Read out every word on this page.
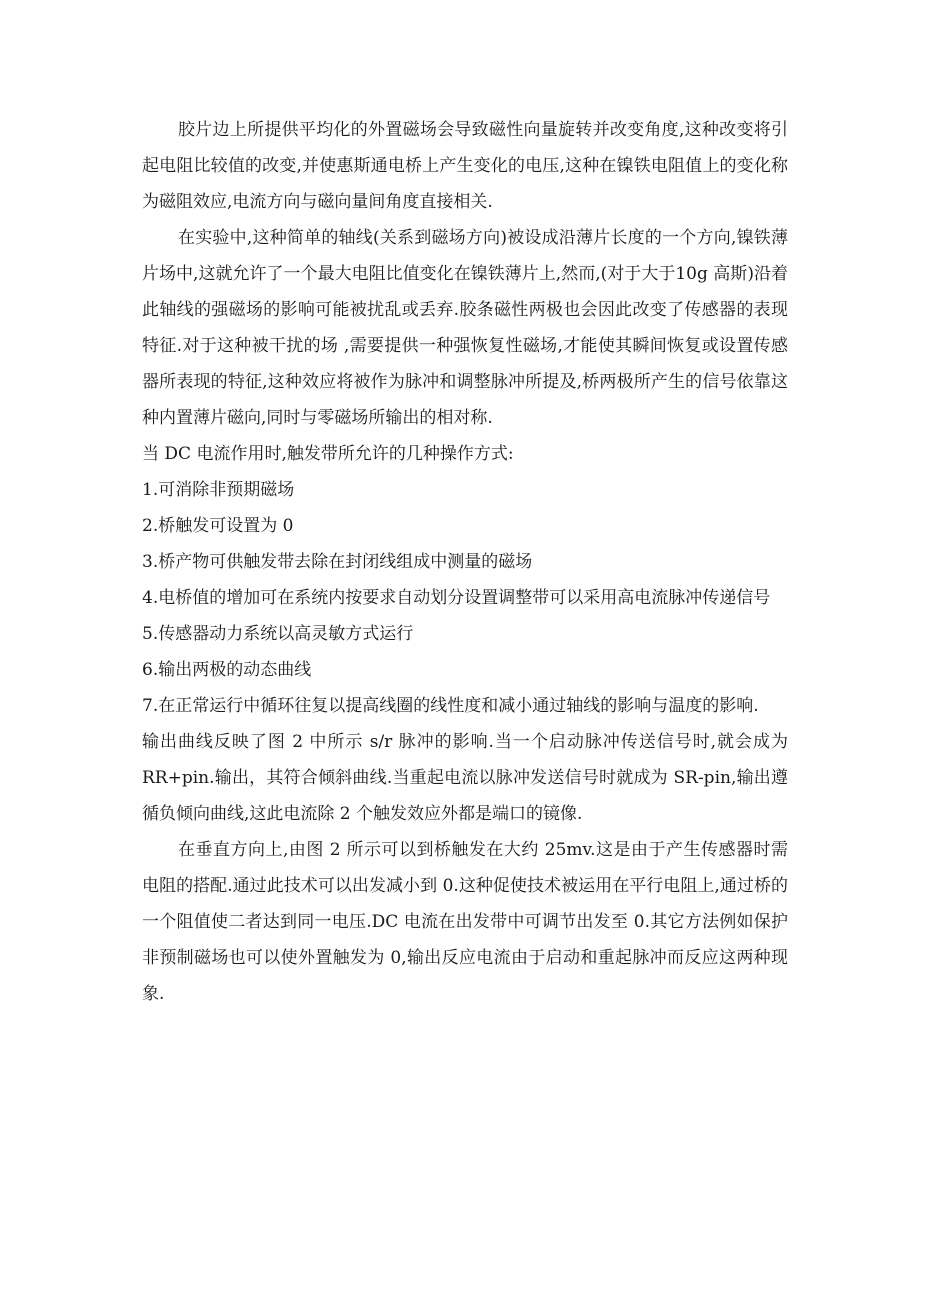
胶片边上所提供平均化的外置磁场会导致磁性向量旋转并改变角度,这种改变将引起电阻比较值的改变,并使惠斯通电桥上产生变化的电压,这种在镍铁电阻值上的变化称为磁阻效应,电流方向与磁向量间角度直接相关.

在实验中,这种简单的轴线(关系到磁场方向)被设成沿薄片长度的一个方向,镍铁薄片场中,这就允许了一个最大电阻比值变化在镍铁薄片上,然而,(对于大于10g 高斯)沿着此轴线的强磁场的影响可能被扰乱或丢弃.胶条磁性两极也会因此改变了传感器的表现特征.对于这种被干扰的场 ,需要提供一种强恢复性磁场,才能使其瞬间恢复或设置传感器所表现的特征,这种效应将被作为脉冲和调整脉冲所提及,桥两极所产生的信号依靠这种内置薄片磁向,同时与零磁场所输出的相对称.

当 DC 电流作用时,触发带所允许的几种操作方式:

1.可消除非预期磁场

2.桥触发可设置为 0

3.桥产物可供触发带去除在封闭线组成中测量的磁场

4.电桥值的增加可在系统内按要求自动划分设置调整带可以采用高电流脉冲传递信号

5.传感器动力系统以高灵敏方式运行

6.输出两极的动态曲线

7.在正常运行中循环往复以提高线圈的线性度和减小通过轴线的影响与温度的影响.

输出曲线反映了图 2 中所示 s/r 脉冲的影响.当一个启动脉冲传送信号时,就会成为 RR+pin.输出，其符合倾斜曲线.当重起电流以脉冲发送信号时就成为 SR-pin,输出遵循负倾向曲线,这此电流除 2 个触发效应外都是端口的镜像.

在垂直方向上,由图 2 所示可以到桥触发在大约 25mv.这是由于产生传感器时需电阻的搭配.通过此技术可以出发减小到 0.这种促使技术被运用在平行电阻上,通过桥的一个阻值使二者达到同一电压.DC 电流在出发带中可调节出发至 0.其它方法例如保护非预制磁场也可以使外置触发为 0,输出反应电流由于启动和重起脉冲而反应这两种现象.
